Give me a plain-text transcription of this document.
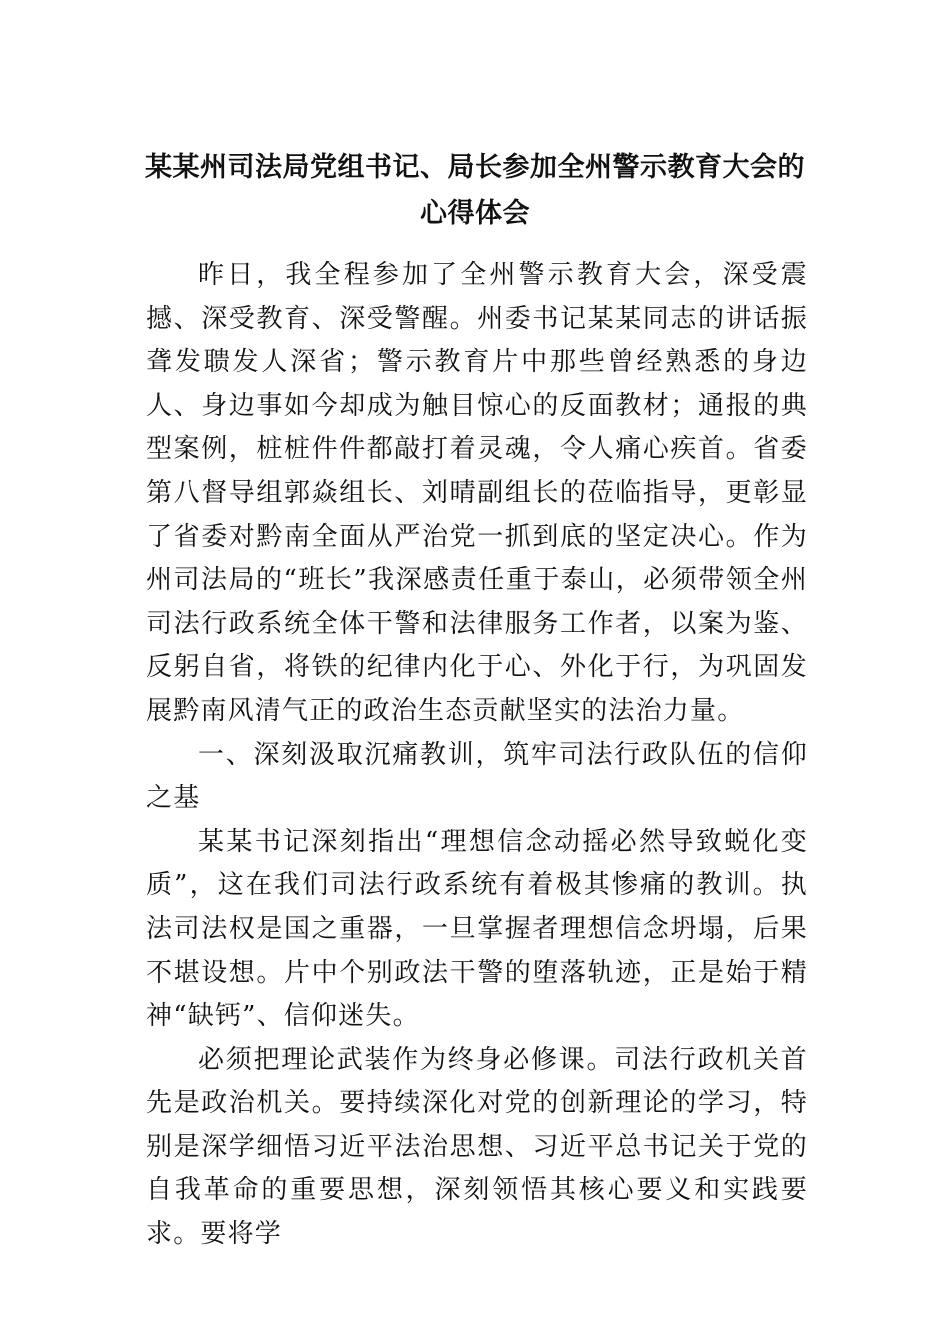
某某州司法局党组书记、局长参加全州警示教育大会的心得体会

昨日，我全程参加了全州警示教育大会，深受震撼、深受教育、深受警醒。州委书记某某同志的讲话振聋发聩发人深省；警示教育片中那些曾经熟悉的身边人、身边事如今却成为触目惊心的反面教材；通报的典型案例，桩桩件件都敲打着灵魂，令人痛心疾首。省委第八督导组郭焱组长、刘晴副组长的莅临指导，更彰显了省委对黔南全面从严治党一抓到底的坚定决心。作为州司法局的“班长”我深感责任重于泰山，必须带领全州司法行政系统全体干警和法律服务工作者，以案为鉴、反躬自省，将铁的纪律内化于心、外化于行，为巩固发展黔南风清气正的政治生态贡献坚实的法治力量。

一、深刻汲取沉痛教训，筑牢司法行政队伍的信仰之基

某某书记深刻指出“理想信念动摇必然导致蜕化变质”，这在我们司法行政系统有着极其惨痛的教训。执法司法权是国之重器，一旦掌握者理想信念坍塌，后果不堪设想。片中个别政法干警的堕落轨迹，正是始于精神“缺钙”、信仰迷失。

必须把理论武装作为终身必修课。司法行政机关首先是政治机关。要持续深化对党的创新理论的学习，特别是深学细悟习近平法治思想、习近平总书记关于党的自我革命的重要思想，深刻领悟其核心要义和实践要求。要将学
